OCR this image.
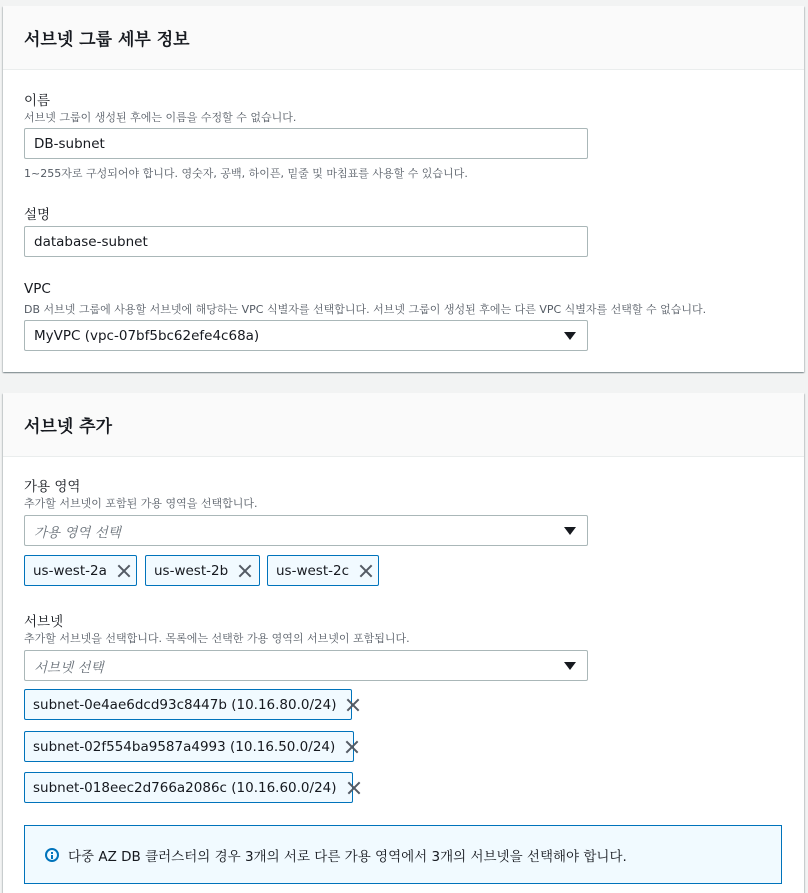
서브넷 그룹 세부 정보
이름
서브넷 그룹이 생성된 후에는 이름을 수정할 수 없습니다.
DB-subnet
1~255자로 구성되어야 합니다. 영숫자, 공백, 하이픈, 밑줄 및 마침표를 사용할 수 있습니다.
설명
database-subnet
VPC
DB 서브넷 그룹에 사용할 서브넷에 해당하는 VPC 식별자를 선택합니다. 서브넷 그룹이 생성된 후에는 다른 VPC 식별자를 선택할 수 없습니다.
MyVPC (vpc-07bf5bc62efe4c68a)
서브넷 추가
가용 영역
추가할 서브넷이 포함된 가용 영역을 선택합니다.
가용 영역 선택
us-west-2a	us-west-2b	us-west-2c
서브넷
추가할 서브넷을 선택합니다. 목록에는 선택한 가용 영역의 서브넷이 포함됩니다.
서브넷 선택
subnet-0e4ae6dcd93c8447b (10.16.80.0/24)
subnet-02f554ba9587a4993 (10.16.50.0/24)
subnet-018eec2d766a2086c (10.16.60.0/24)
다중 AZ DB 클러스터의 경우 3개의 서로 다른 가용 영역에서 3개의 서브넷을 선택해야 합니다.
